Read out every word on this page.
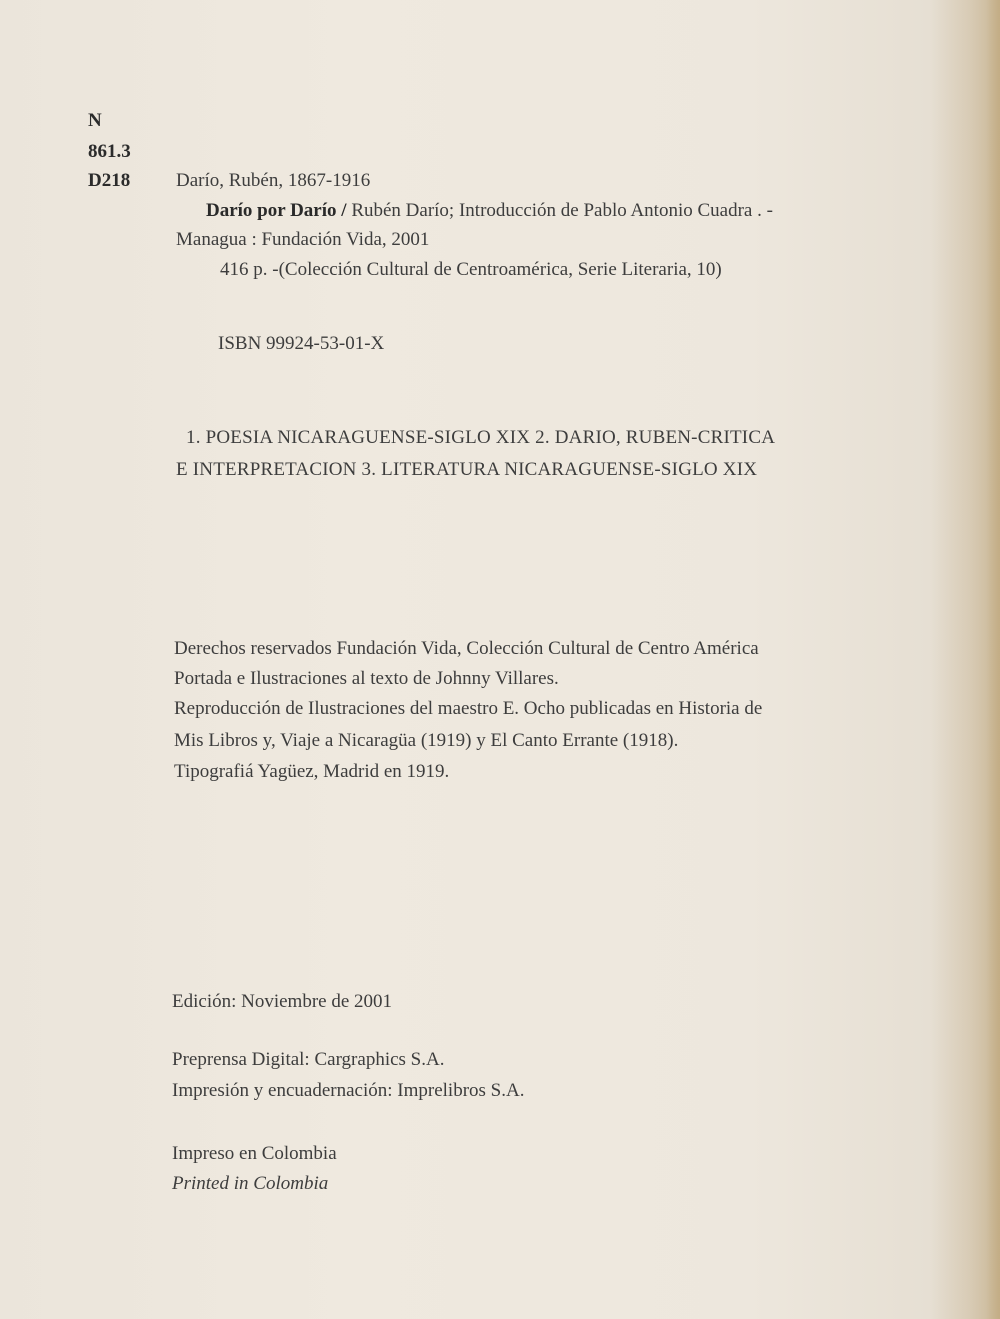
N
861.3
D218 Darío, Rubén, 1867-1916
Darío por Darío / Rubén Darío; Introducción de Pablo Antonio Cuadra . -
Managua : Fundación Vida, 2001
416 p. -(Colección Cultural de Centroamérica, Serie Literaria, 10)
ISBN 99924-53-01-X
1. POESIA NICARAGUENSE-SIGLO XIX 2. DARIO, RUBEN-CRITICA
E INTERPRETACION 3. LITERATURA NICARAGUENSE-SIGLO XIX
Derechos reservados Fundación Vida, Colección Cultural de Centro América
Portada e Ilustraciones al texto de Johnny Villares.
Reproducción de Ilustraciones del maestro E. Ocho publicadas en Historia de
Mis Libros y, Viaje a Nicaragüa (1919) y El Canto Errante (1918).
Tipografiá Yagüez, Madrid en 1919.
Edición: Noviembre de 2001
Preprensa Digital: Cargraphics S.A.
Impresión y encuadernación: Imprelibros S.A.
Impreso en Colombia
Printed in Colombia
